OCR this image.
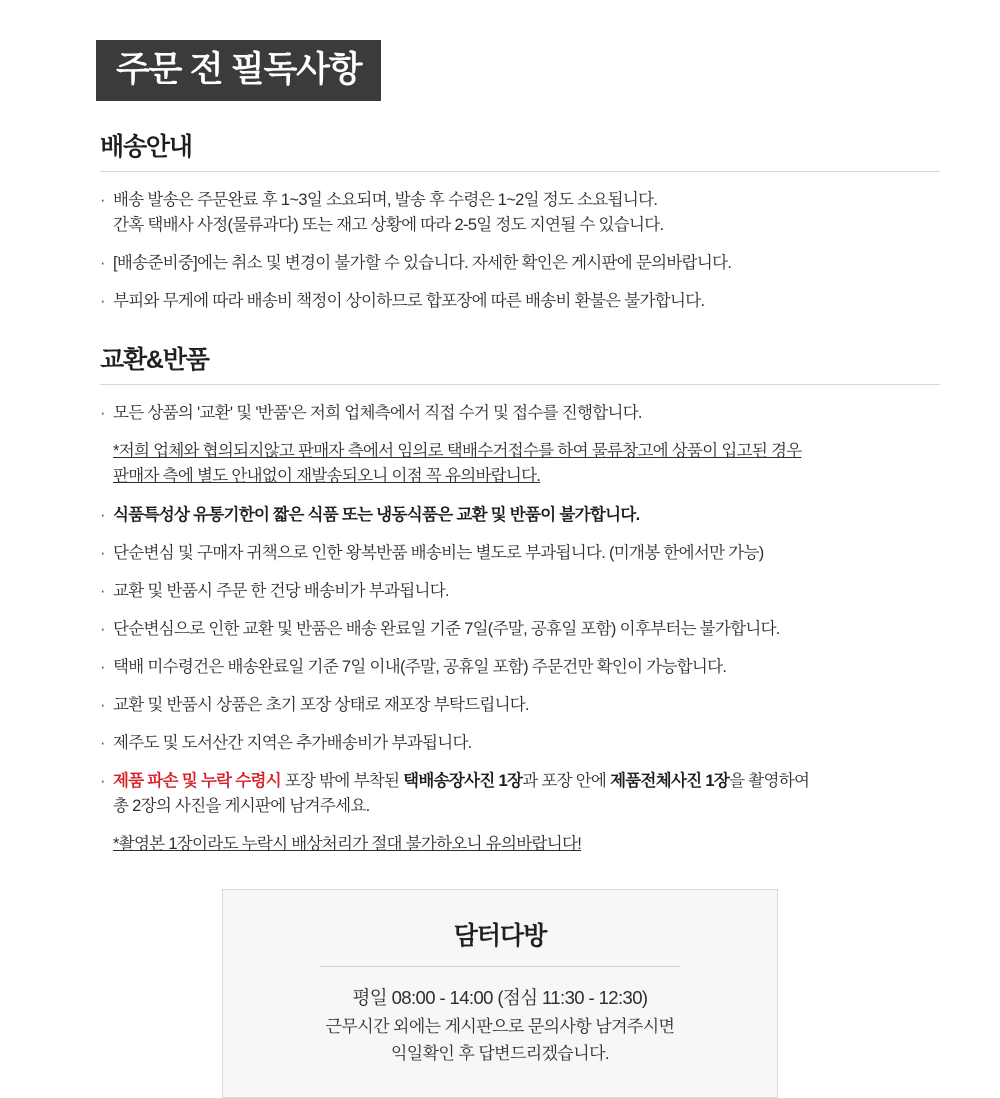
주문 전 필독사항
배송안내
· 배송 발송은 주문완료 후 1~3일 소요되며, 발송 후 수령은 1~2일 정도 소요됩니다.
간혹 택배사 사정(물류과다) 또는 재고 상황에 따라 2-5일 정도 지연될 수 있습니다.
· [배송준비중]에는 취소 및 변경이 불가할 수 있습니다. 자세한 확인은 게시판에 문의바랍니다.
· 부피와 무게에 따라 배송비 책정이 상이하므로 합포장에 따른 배송비 환불은 불가합니다.
교환&반품
· 모든 상품의 '교환' 및 '반품'은 저희 업체측에서 직접 수거 및 접수를 진행합니다.
*저희 업체와 협의되지않고 판매자 측에서 임의로 택배수거접수를 하여 물류창고에 상품이 입고된 경우
판매자 측에 별도 안내없이 재발송되오니 이점 꼭 유의바랍니다.
· 식품특성상 유통기한이 짧은 식품 또는 냉동식품은 교환 및 반품이 불가합니다.
· 단순변심 및 구매자 귀책으로 인한 왕복반품 배송비는 별도로 부과됩니다. (미개봉 한에서만 가능)
· 교환 및 반품시 주문 한 건당 배송비가 부과됩니다.
· 단순변심으로 인한 교환 및 반품은 배송 완료일 기준 7일(주말, 공휴일 포함) 이후부터는 불가합니다.
· 택배 미수령건은 배송완료일 기준 7일 이내(주말, 공휴일 포함) 주문건만 확인이 가능합니다.
· 교환 및 반품시 상품은 초기 포장 상태로 재포장 부탁드립니다.
· 제주도 및 도서산간 지역은 추가배송비가 부과됩니다.
· 제품 파손 및 누락 수령시 포장 밖에 부착된 택배송장사진 1장과 포장 안에 제품전체사진 1장을 촬영하여
총 2장의 사진을 게시판에 남겨주세요.
*촬영본 1장이라도 누락시 배상처리가 절대 불가하오니 유의바랍니다!
담터다방
평일 08:00 - 14:00 (점심 11:30 - 12:30)
근무시간 외에는 게시판으로 문의사항 남겨주시면
익일확인 후 답변드리겠습니다.
